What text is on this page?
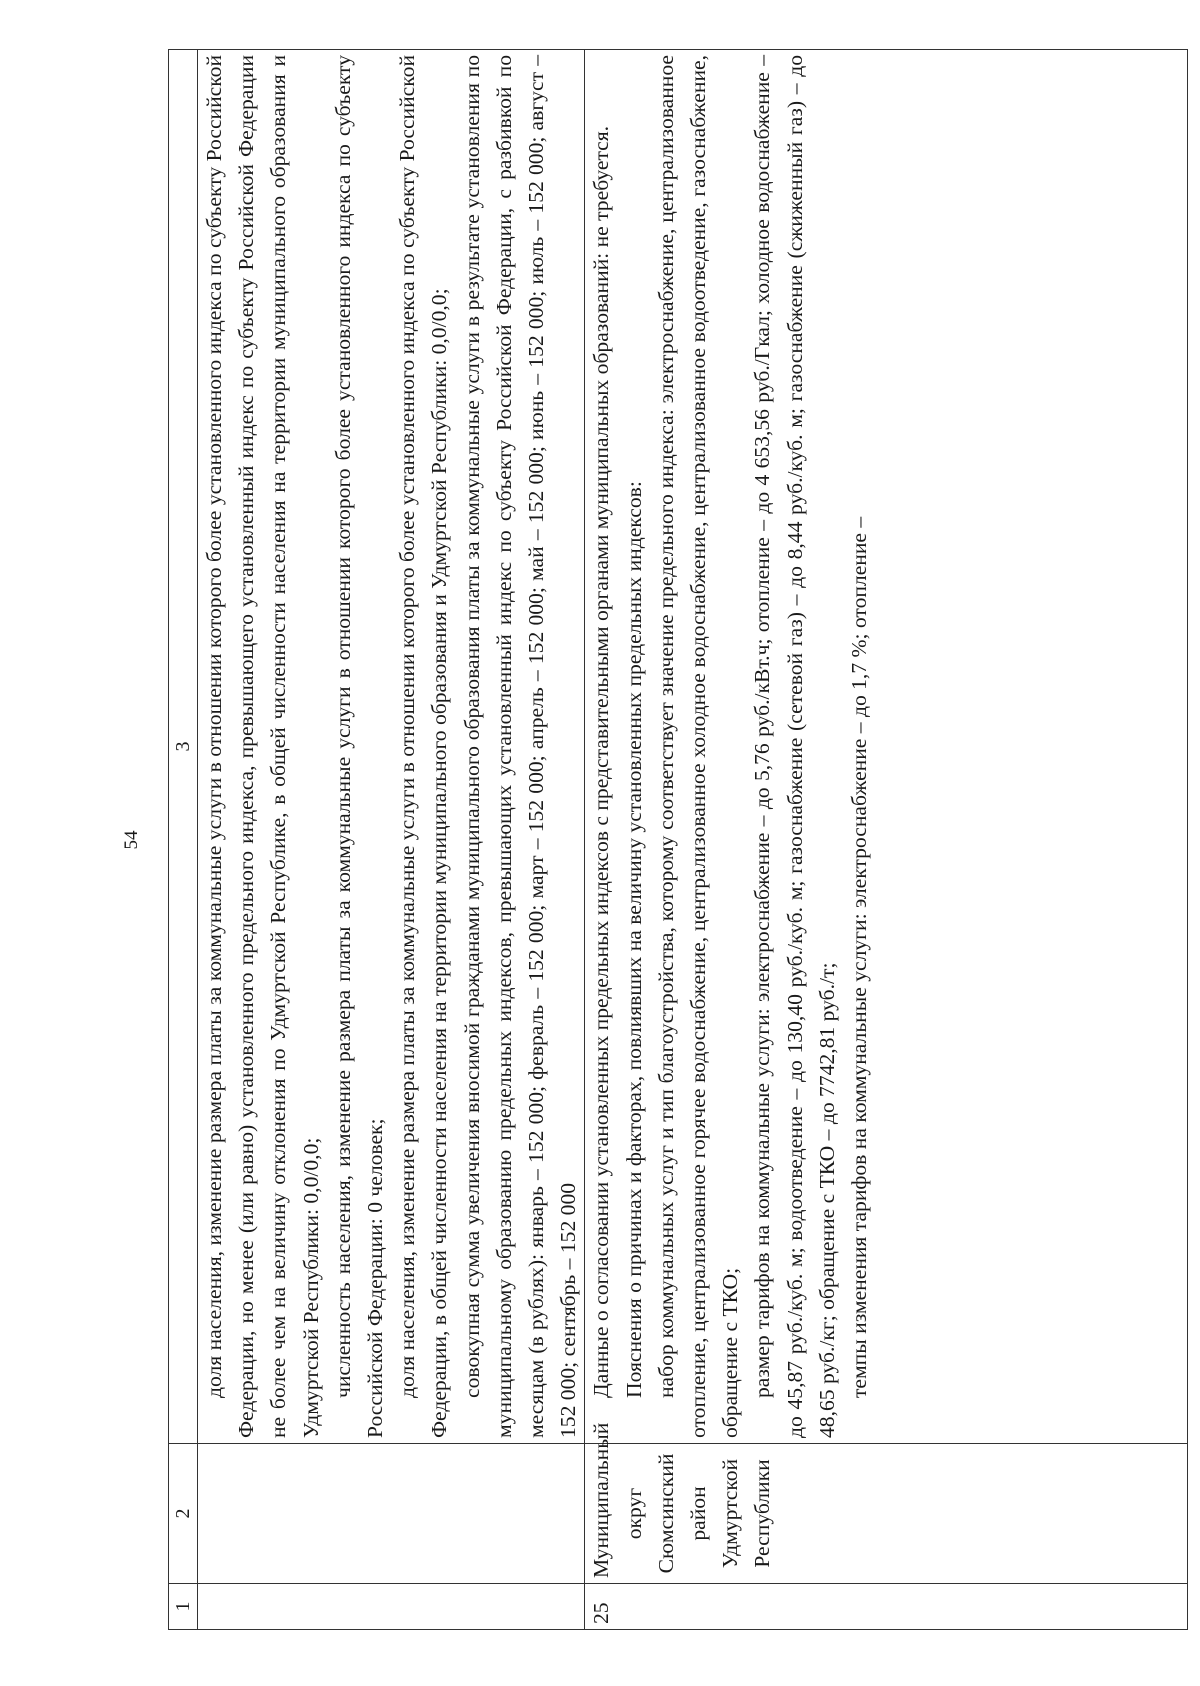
54
1	2	3

		доля населения, изменение размера платы за коммунальные услуги в отношении которого более установленного индекса по субъекту Российской Федерации, но менее (или равно) установленного предельного индекса, превышающего установленный индекс по субъекту Российской Федерации не более чем на величину отклонения по Удмуртской Республике, в общей численности населения на территории муниципального образования и Удмуртской Республики: 0,0/0,0; численность населения, изменение размера платы за коммунальные услуги в отношении которого более установленного индекса по субъекту Российской Федерации: 0 человек; доля населения, изменение размера платы за коммунальные услуги в отношении которого более установленного индекса по субъекту Российской Федерации, в общей численности населения на территории муниципального образования и Удмуртской Республики: 0,0/0,0; совокупная сумма увеличения вносимой гражданами муниципального образования платы за коммунальные услуги в результате установления по муниципальному образованию предельных индексов, превышающих установленный индекс по субъекту Российской Федерации, с разбивкой по месяцам (в рублях): январь – 152 000; февраль – 152 000; март – 152 000; апрель – 152 000; май – 152 000; июнь – 152 000; июль – 152 000; август – 152 000; сентябрь – 152 000

25	Муниципальный округ Сюмсинский район Удмуртской Республики	Данные о согласовании установленных предельных индексов с представительными органами муниципальных образований: не требуется. Пояснения о причинах и факторах, повлиявших на величину установленных предельных индексов: набор коммунальных услуг и тип благоустройства, которому соответствует значение предельного индекса: электроснабжение, централизованное отопление, централизованное горячее водоснабжение, централизованное холодное водоснабжение, централизованное водоотведение, газоснабжение, обращение с ТКО; размер тарифов на коммунальные услуги: электроснабжение – до 5,76 руб./кВт.ч; отопление – до 4 653,56 руб./Гкал; холодное водоснабжение – до 45,87 руб./куб. м; водоотведение – до 130,40 руб./куб. м; газоснабжение (сетевой газ) – до 8,44 руб./куб. м; газоснабжение (сжиженный газ) – до 48,65 руб./кг; обращение с ТКО – до 7742,81 руб./т; темпы изменения тарифов на коммунальные услуги: электроснабжение – до 1,7 %; отопление –
